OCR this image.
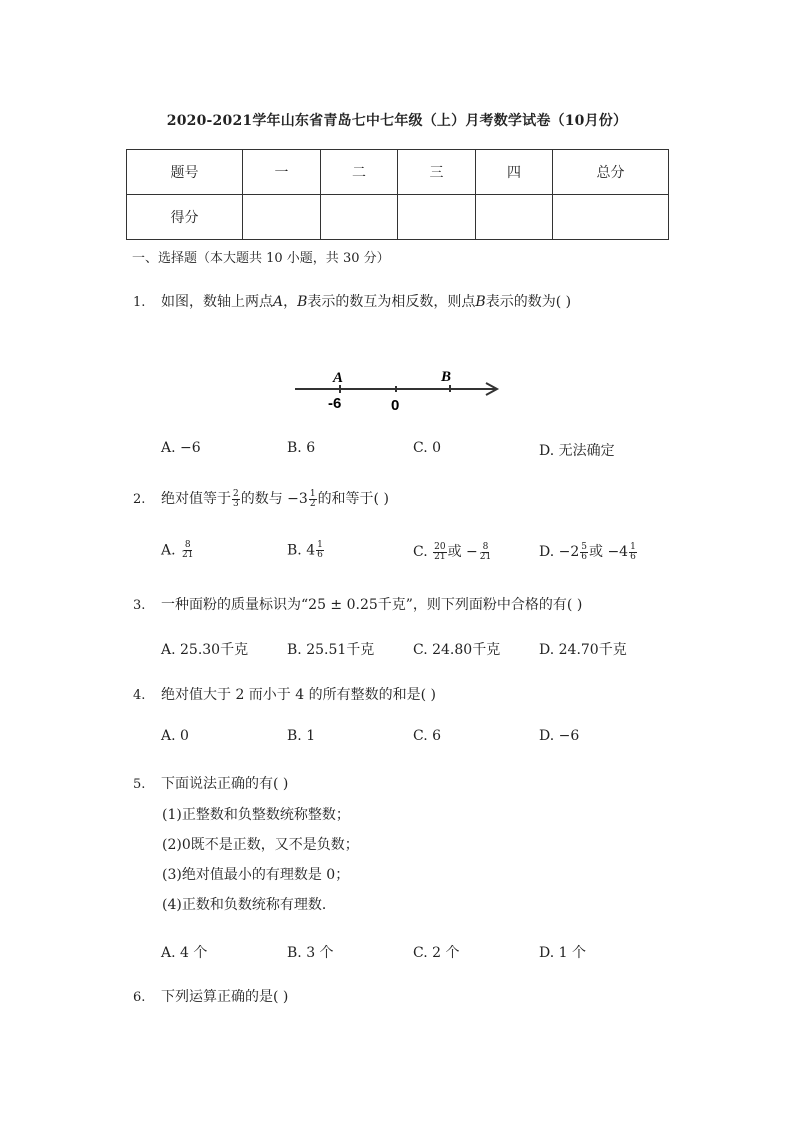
2020-2021学年山东省青岛七中七年级（上）月考数学试卷（10月份）
题号	一	二	三	四	总分
得分					
一、选择题（本大题共 10 小题，共 30 分）
1. 如图，数轴上两点A，B表示的数互为相反数，则点B表示的数为( )
A	B
-6	0
A. −6	B. 6	C. 0	D. 无法确定
2. 绝对值等于 $\frac{2}{3}$ 的数与 $-3 \frac{1}{2}$ 的和等于( )
A. $\frac{8}{21}$	B. $4 \frac{1}{6}$	C. $\frac{20}{21}$ 或 − $\frac{8}{21}$	D. $-2 \frac{5}{6}$ 或 $-4 \frac{1}{6}$
3. 一种面粉的质量标识为“25 ± 0.25千克”，则下列面粉中合格的有( )
A. 25.30千克	B. 25.51千克	C. 24.80千克	D. 24.70千克
4. 绝对值大于 2 而小于 4 的所有整数的和是( )
A. 0	B. 1	C. 6	D. −6
5. 下面说法正确的有( )
(1)正整数和负整数统称整数；
(2)0既不是正数，又不是负数；
(3)绝对值最小的有理数是 0；
(4)正数和负数统称有理数．
A. 4 个	B. 3 个	C. 2 个	D. 1 个
6. 下列运算正确的是( )
